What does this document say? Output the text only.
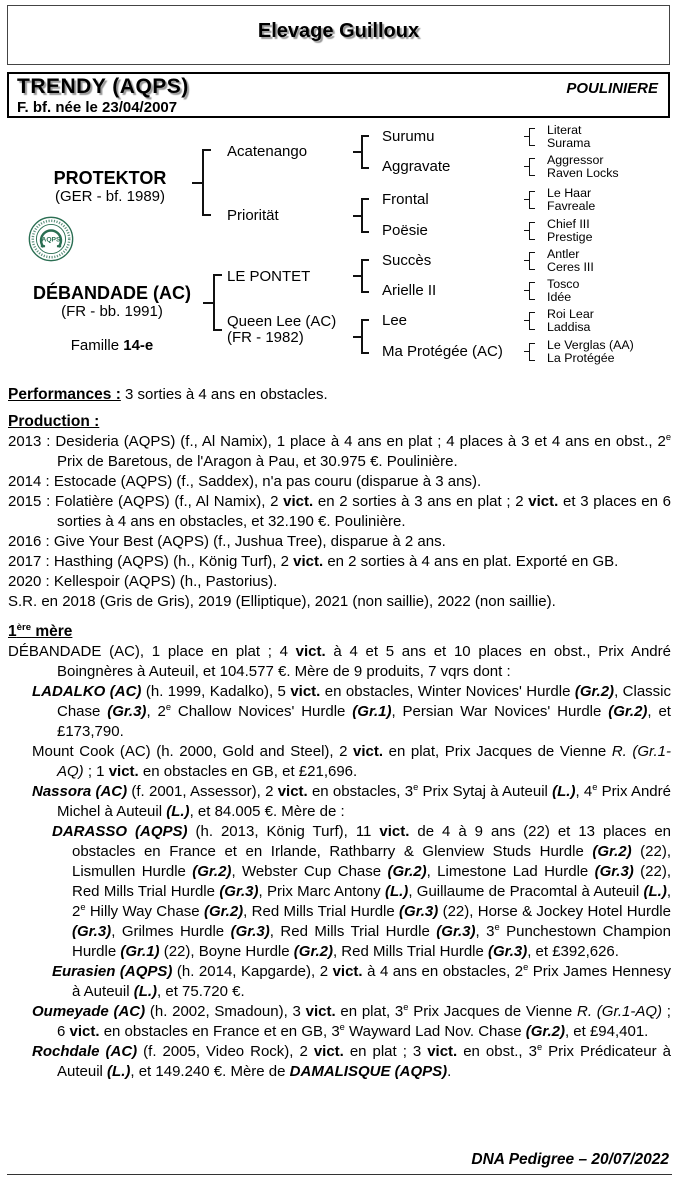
Elevage Guilloux
TRENDY (AQPS)
F. bf. née le 23/04/2007
POULINIERE
PROTEKTOR
(GER - bf. 1989)
AQPS
DÉBANDADE (AC)
(FR - bb. 1991)
Famille 14-e
Acatenango
Priorität
LE PONTET
Queen Lee (AC)
(FR - 1982)
Surumu
Aggravate
Frontal
Poësie
Succès
Arielle II
Lee
Ma Protégée (AC)
Literat
Surama
Aggressor
Raven Locks
Le Haar
Favreale
Chief III
Prestige
Antler
Ceres III
Tosco
Idée
Roi Lear
Laddisa
Le Verglas (AA)
La Protégée

Performances : 3 sorties à 4 ans en obstacles.

Production :

2013 : Desideria (AQPS) (f., Al Namix), 1 place à 4 ans en plat ; 4 places à 3 et 4 ans en obst., 2e Prix de Baretous, de l'Aragon à Pau, et 30.975 €. Poulinière.

2014 : Estocade (AQPS) (f., Saddex), n'a pas couru (disparue à 3 ans).

2015 : Folatière (AQPS) (f., Al Namix), 2 vict. en 2 sorties à 3 ans en plat ; 2 vict. et 3 places en 6 sorties à 4 ans en obstacles, et 32.190 €. Poulinière.

2016 : Give Your Best (AQPS) (f., Jushua Tree), disparue à 2 ans.

2017 : Hasthing (AQPS) (h., König Turf), 2 vict. en 2 sorties à 4 ans en plat. Exporté en GB.

2020 : Kellespoir (AQPS) (h., Pastorius).

S.R. en 2018 (Gris de Gris), 2019 (Elliptique), 2021 (non saillie), 2022 (non saillie).

1ère mère

DÉBANDADE (AC), 1 place en plat ; 4 vict. à 4 et 5 ans et 10 places en obst., Prix André Boingnères à Auteuil, et 104.577 €. Mère de 9 produits, 7 vqrs dont :

LADALKO (AC) (h. 1999, Kadalko), 5 vict. en obstacles, Winter Novices' Hurdle (Gr.2), Classic Chase (Gr.3), 2e Challow Novices' Hurdle (Gr.1), Persian War Novices' Hurdle (Gr.2), et £173,790.

Mount Cook (AC) (h. 2000, Gold and Steel), 2 vict. en plat, Prix Jacques de Vienne R. (Gr.1-AQ) ; 1 vict. en obstacles en GB, et £21,696.

Nassora (AC) (f. 2001, Assessor), 2 vict. en obstacles, 3e Prix Sytaj à Auteuil (L.), 4e Prix André Michel à Auteuil (L.), et 84.005 €. Mère de :

DARASSO (AQPS) (h. 2013, König Turf), 11 vict. de 4 à 9 ans (22) et 13 places en obstacles en France et en Irlande, Rathbarry & Glenview Studs Hurdle (Gr.2) (22), Lismullen Hurdle (Gr.2), Webster Cup Chase (Gr.2), Limestone Lad Hurdle (Gr.3) (22), Red Mills Trial Hurdle (Gr.3), Prix Marc Antony (L.), Guillaume de Pracomtal à Auteuil (L.), 2e Hilly Way Chase (Gr.2), Red Mills Trial Hurdle (Gr.3) (22), Horse & Jockey Hotel Hurdle (Gr.3), Grilmes Hurdle (Gr.3), Red Mills Trial Hurdle (Gr.3), 3e Punchestown Champion Hurdle (Gr.1) (22), Boyne Hurdle (Gr.2), Red Mills Trial Hurdle (Gr.3), et £392,626.

Eurasien (AQPS) (h. 2014, Kapgarde), 2 vict. à 4 ans en obstacles, 2e Prix James Hennesy à Auteuil (L.), et 75.720 €.

Oumeyade (AC) (h. 2002, Smadoun), 3 vict. en plat, 3e Prix Jacques de Vienne R. (Gr.1-AQ) ; 6 vict. en obstacles en France et en GB, 3e Wayward Lad Nov. Chase (Gr.2), et £94,401.

Rochdale (AC) (f. 2005, Video Rock), 2 vict. en plat ; 3 vict. en obst., 3e Prix Prédicateur à Auteuil (L.), et 149.240 €. Mère de DAMALISQUE (AQPS).

DNA Pedigree – 20/07/2022
